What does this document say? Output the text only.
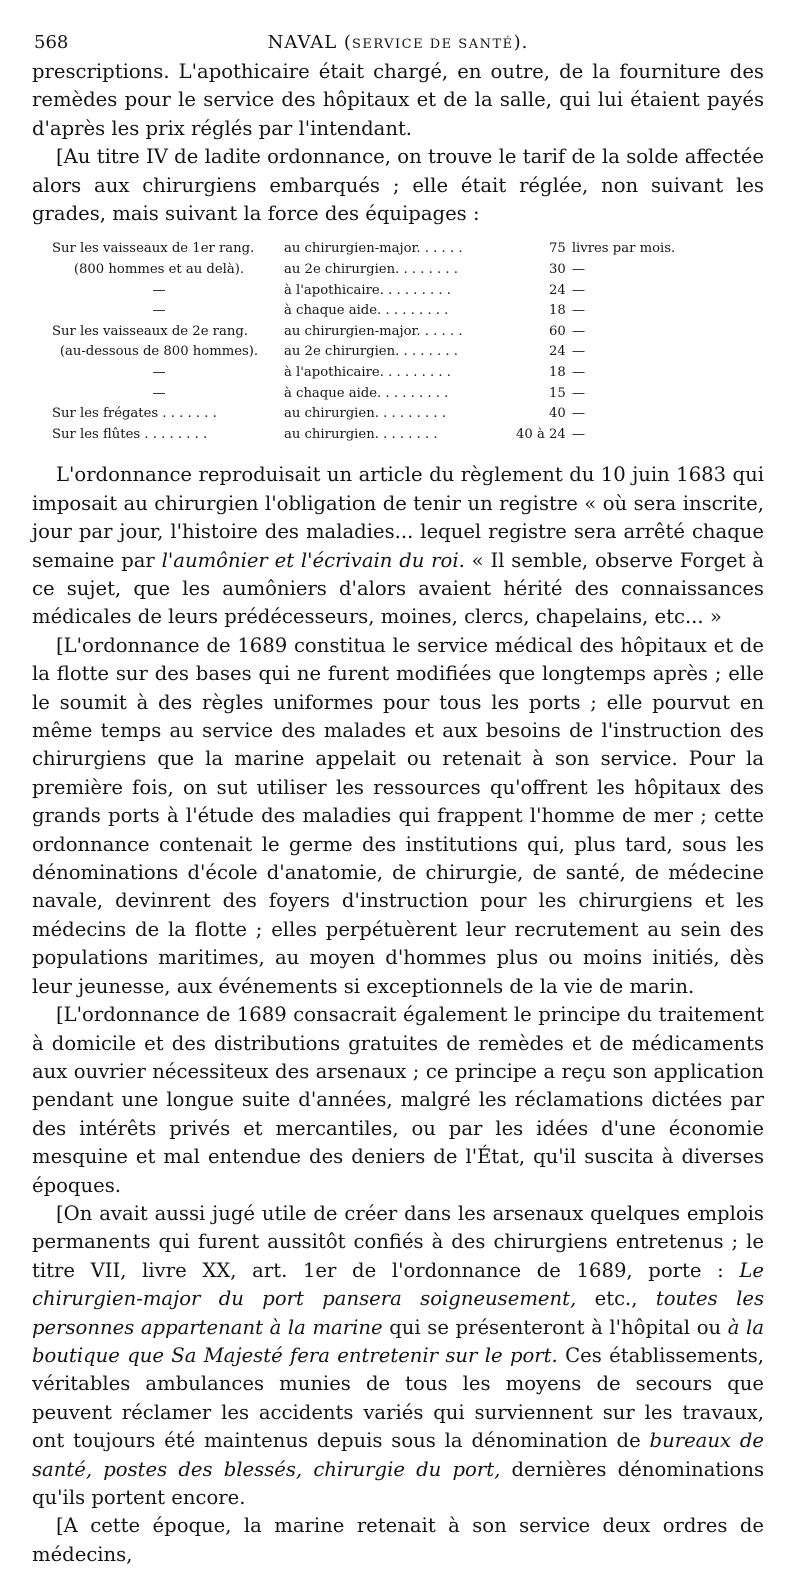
568	NAVAL (SERVICE DE SANTÉ).

prescriptions. L'apothicaire était chargé, en outre, de la fourniture des remèdes pour le service des hôpitaux et de la salle, qui lui étaient payés d'après les prix réglés par l'intendant.

[Au titre IV de ladite ordonnance, on trouve le tarif de la solde affectée alors aux chirurgiens embarqués ; elle était réglée, non suivant les grades, mais suivant la force des équipages :

Sur les vaisseaux de 1er rang.	au chirurgien-major. . . . . .	75	livres par mois.

(800 hommes et au delà).	au 2e chirurgien. . . . . . . .	30	—

—	à l'apothicaire. . . . . . . . .	24	—

—	à chaque aide. . . . . . . . .	18	—

Sur les vaisseaux de 2e rang.	au chirurgien-major. . . . . .	60	—

(au-dessous de 800 hommes).	au 2e chirurgien. . . . . . . .	24	—

—	à l'apothicaire. . . . . . . . .	18	—

—	à chaque aide. . . . . . . . .	15	—

Sur les frégates . . . . . . .	au chirurgien. . . . . . . . .	40	—

Sur les flûtes . . . . . . . .	au chirurgien. . . . . . . .	40 à 24	—

L'ordonnance reproduisait un article du règlement du 10 juin 1683 qui imposait au chirurgien l'obligation de tenir un registre « où sera inscrite, jour par jour, l'histoire des maladies... lequel registre sera arrêté chaque semaine par l'aumônier et l'écrivain du roi. « Il semble, observe Forget à ce sujet, que les aumôniers d'alors avaient hérité des connaissances médicales de leurs prédécesseurs, moines, clercs, chapelains, etc... »

[L'ordonnance de 1689 constitua le service médical des hôpitaux et de la flotte sur des bases qui ne furent modifiées que longtemps après ; elle le soumit à des règles uniformes pour tous les ports ; elle pourvut en même temps au service des malades et aux besoins de l'instruction des chirurgiens que la marine appelait ou retenait à son service. Pour la première fois, on sut utiliser les ressources qu'offrent les hôpitaux des grands ports à l'étude des maladies qui frappent l'homme de mer ; cette ordonnance contenait le germe des institutions qui, plus tard, sous les dénominations d'école d'anatomie, de chirurgie, de santé, de médecine navale, devinrent des foyers d'instruction pour les chirurgiens et les médecins de la flotte ; elles perpétuèrent leur recrutement au sein des populations maritimes, au moyen d'hommes plus ou moins initiés, dès leur jeunesse, aux événements si exceptionnels de la vie de marin.

[L'ordonnance de 1689 consacrait également le principe du traitement à domicile et des distributions gratuites de remèdes et de médicaments aux ouvrier nécessiteux des arsenaux ; ce principe a reçu son application pendant une longue suite d'années, malgré les réclamations dictées par des intérêts privés et mercantiles, ou par les idées d'une économie mesquine et mal entendue des deniers de l'État, qu'il suscita à diverses époques.

[On avait aussi jugé utile de créer dans les arsenaux quelques emplois permanents qui furent aussitôt confiés à des chirurgiens entretenus ; le titre VII, livre XX, art. 1er de l'ordonnance de 1689, porte : Le chirurgien-major du port pansera soigneusement, etc., toutes les personnes appartenant à la marine qui se présenteront à l'hôpital ou à la boutique que Sa Majesté fera entretenir sur le port. Ces établissements, véritables ambulances munies de tous les moyens de secours que peuvent réclamer les accidents variés qui surviennent sur les travaux, ont toujours été maintenus depuis sous la dénomination de bureaux de santé, postes des blessés, chirurgie du port, dernières dénominations qu'ils portent encore.

[A cette époque, la marine retenait à son service deux ordres de médecins,
